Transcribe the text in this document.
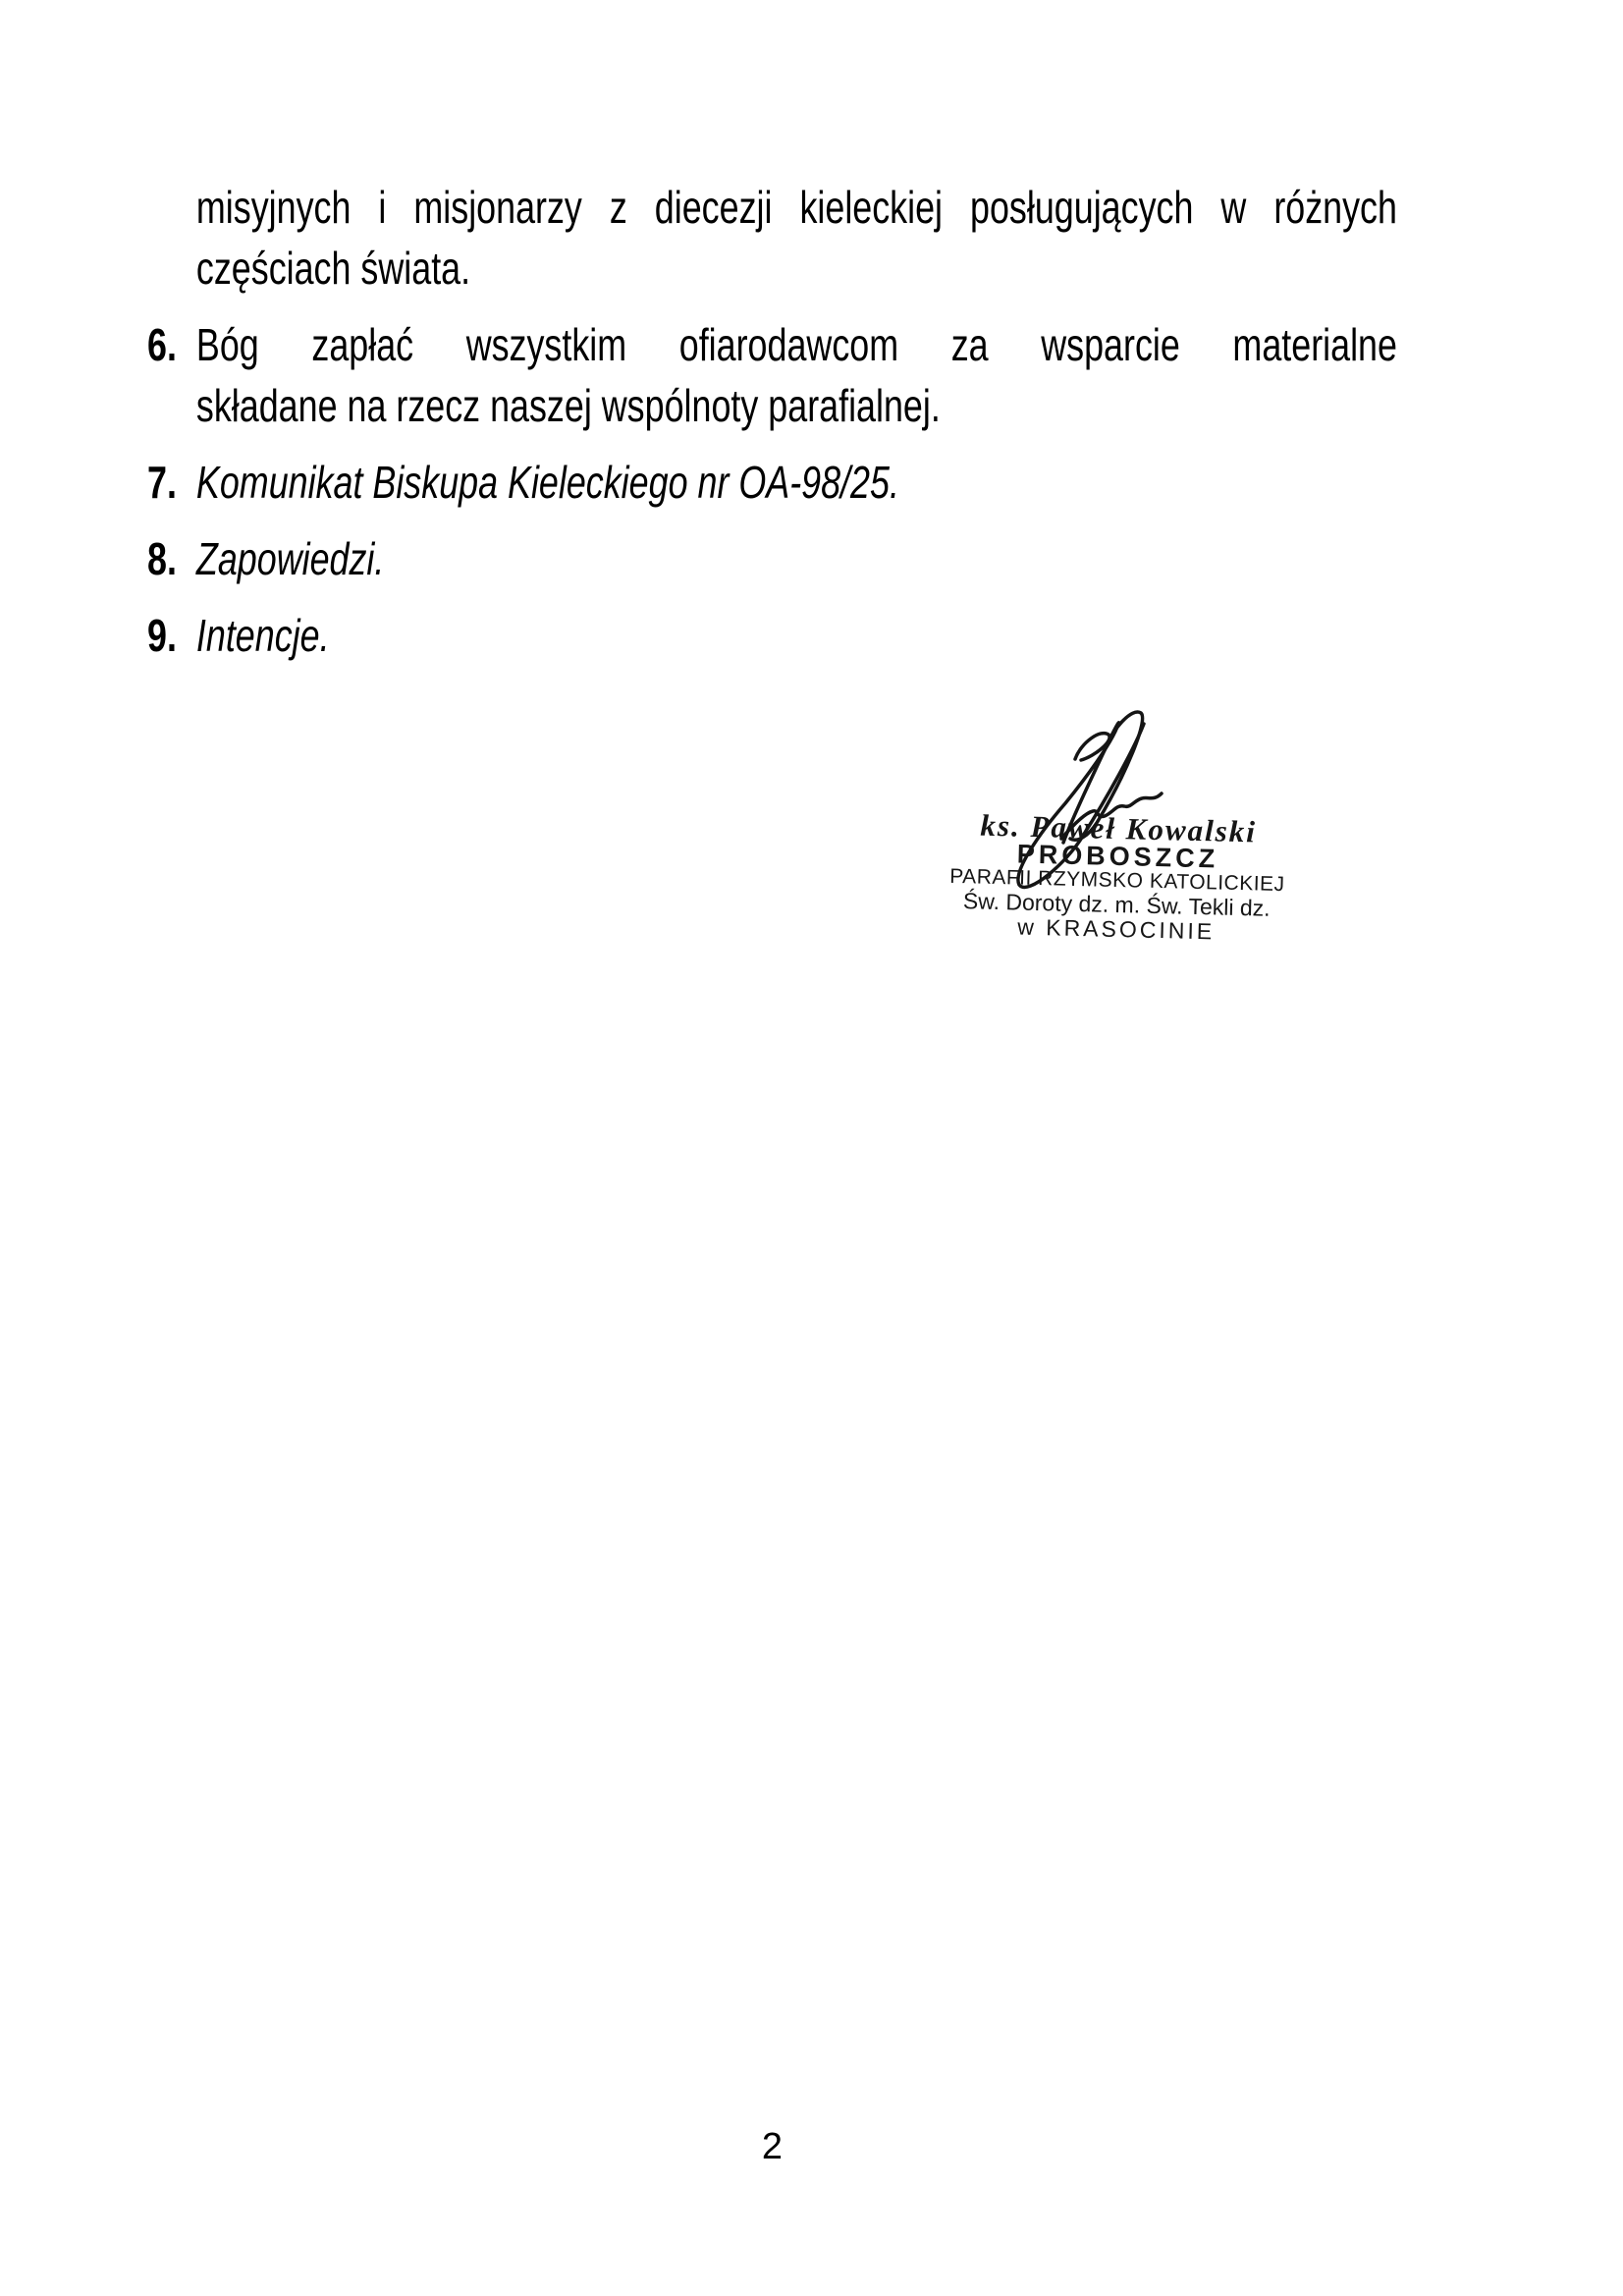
misyjnych i misjonarzy z diecezji kieleckiej posługujących w różnych
częściach świata.
6. Bóg zapłać wszystkim ofiarodawcom za wsparcie materialne
składane na rzecz naszej wspólnoty parafialnej.
7. Komunikat Biskupa Kieleckiego nr OA-98/25.
8. Zapowiedzi.
9. Intencje.
ks. Paweł Kowalski
PROBOSZCZ
PARAFII RZYMSKO KATOLICKIEJ
Św. Doroty dz. m. Św. Tekli dz.
w KRASOCINIE
2
